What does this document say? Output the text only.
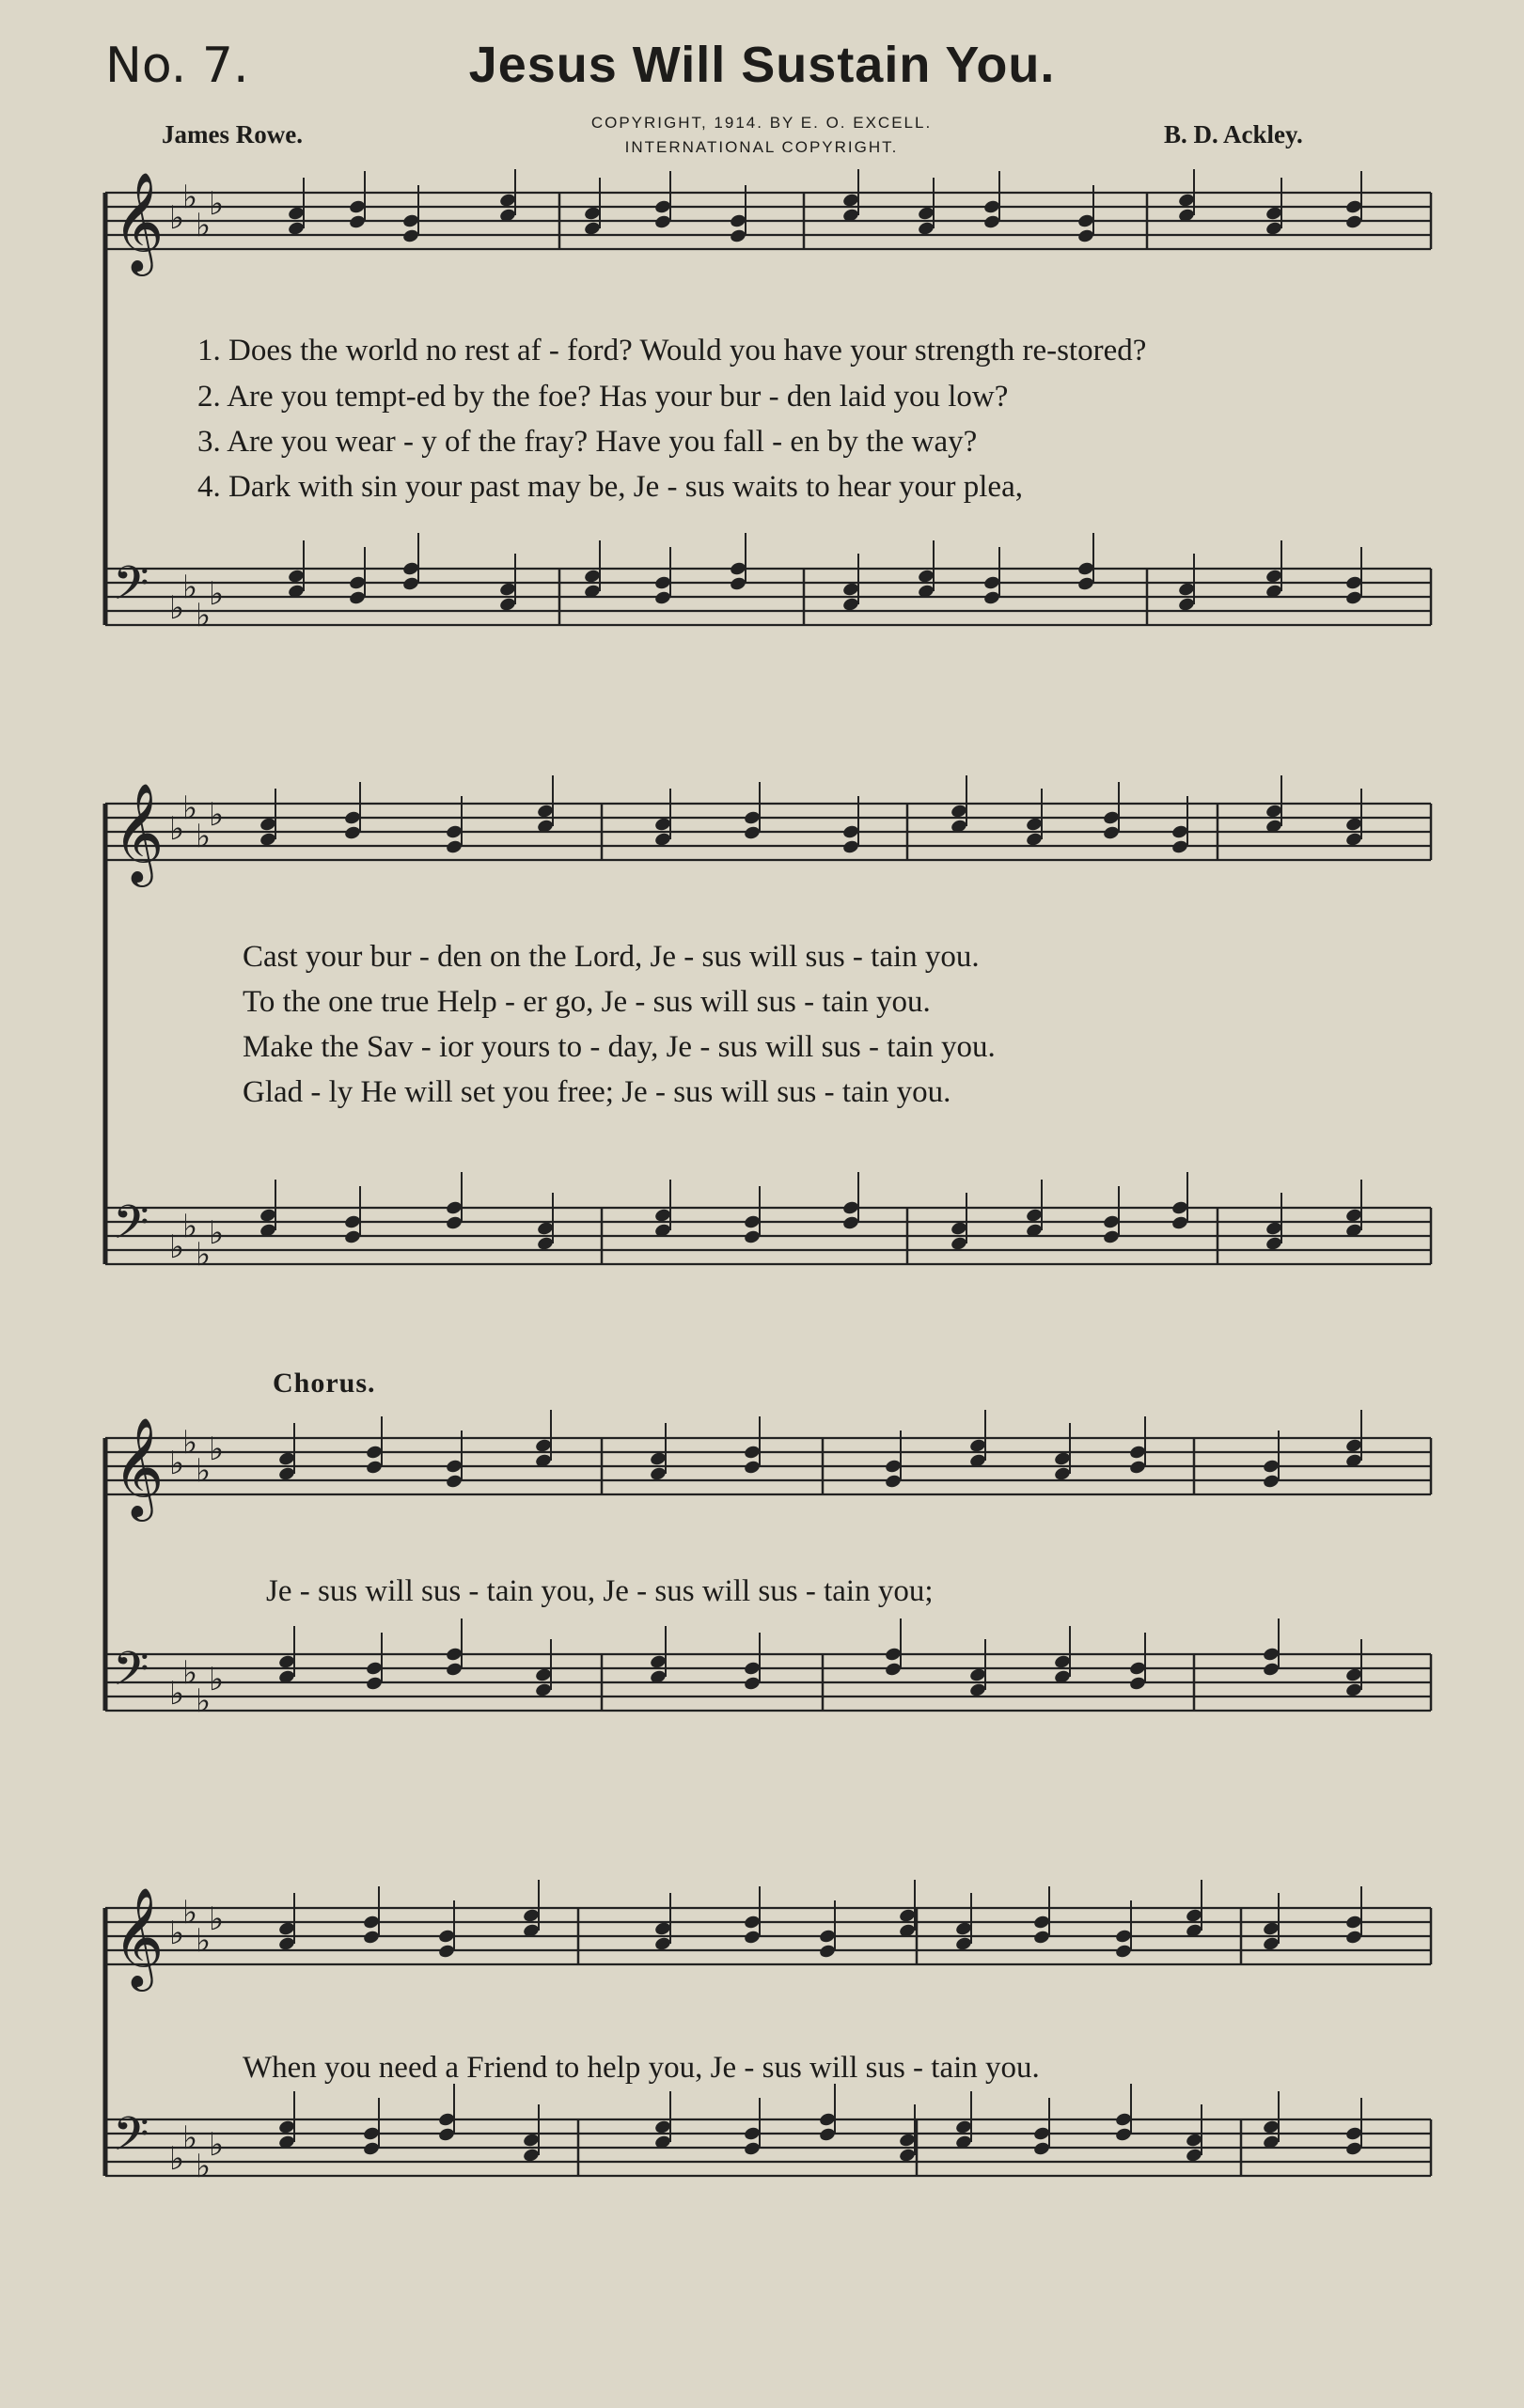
No. 7.	Jesus Will Sustain You.
James Rowe.	COPYRIGHT, 1914. BY E. O. EXCELL.
INTERNATIONAL COPYRIGHT.	B. D. Ackley.
𝄞 ♭
♭
♭
♭
𝄢 ♭
♭
♭
♭
1. Does the world no rest af - ford? Would you have your strength re-stored?
2. Are you tempt-ed by the foe? Has your bur - den laid you low?
3. Are you wear - y of the fray? Have you fall - en by the way?
4. Dark with sin your past may be, Je - sus waits to hear your plea,
𝄞 ♭
♭
♭
♭
𝄢 ♭
♭
♭
♭
Cast your bur - den on the Lord, Je - sus will sus - tain you.
To the one true Help - er go, Je - sus will sus - tain you.
Make the Sav - ior yours to - day, Je - sus will sus - tain you.
Glad - ly He will set you free; Je - sus will sus - tain you.
Chorus.
𝄞 ♭
♭
♭
♭
𝄢 ♭
♭
♭
♭
Je - sus will sus - tain you, Je - sus will sus - tain you;
𝄞 ♭
♭
♭
♭
𝄢 ♭
♭
♭
♭
When you need a Friend to help you, Je - sus will sus - tain you.
